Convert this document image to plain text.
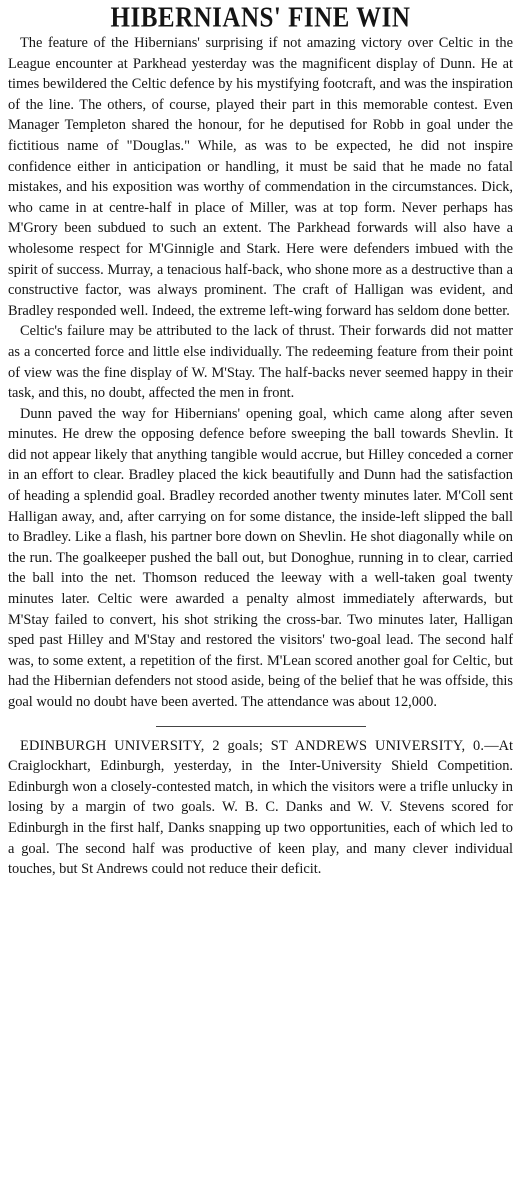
HIBERNIANS' FINE WIN

The feature of the Hibernians' surprising if not amazing victory over Celtic in the League encounter at Parkhead yesterday was the magnificent display of Dunn. He at times bewildered the Celtic defence by his mystifying footcraft, and was the inspiration of the line. The others, of course, played their part in this memorable contest. Even Manager Templeton shared the honour, for he deputised for Robb in goal under the fictitious name of "Douglas." While, as was to be expected, he did not inspire confidence either in anticipation or handling, it must be said that he made no fatal mistakes, and his exposition was worthy of commendation in the circumstances. Dick, who came in at centre-half in place of Miller, was at top form. Never perhaps has M'Grory been subdued to such an extent. The Parkhead forwards will also have a wholesome respect for M'Ginnigle and Stark. Here were defenders imbued with the spirit of success. Murray, a tenacious half-back, who shone more as a destructive than a constructive factor, was always prominent. The craft of Halligan was evident, and Bradley responded well. Indeed, the extreme left-wing forward has seldom done better.

Celtic's failure may be attributed to the lack of thrust. Their forwards did not matter as a concerted force and little else individually. The redeeming feature from their point of view was the fine display of W. M'Stay. The half-backs never seemed happy in their task, and this, no doubt, affected the men in front.

Dunn paved the way for Hibernians' opening goal, which came along after seven minutes. He drew the opposing defence before sweeping the ball towards Shevlin. It did not appear likely that anything tangible would accrue, but Hilley conceded a corner in an effort to clear. Bradley placed the kick beautifully and Dunn had the satisfaction of heading a splendid goal. Bradley recorded another twenty minutes later. M'Coll sent Halligan away, and, after carrying on for some distance, the inside-left slipped the ball to Bradley. Like a flash, his partner bore down on Shevlin. He shot diagonally while on the run. The goalkeeper pushed the ball out, but Donoghue, running in to clear, carried the ball into the net. Thomson reduced the leeway with a well-taken goal twenty minutes later. Celtic were awarded a penalty almost immediately afterwards, but M'Stay failed to convert, his shot striking the cross-bar. Two minutes later, Halligan sped past Hilley and M'Stay and restored the visitors' two-goal lead. The second half was, to some extent, a repetition of the first. M'Lean scored another goal for Celtic, but had the Hibernian defenders not stood aside, being of the belief that he was offside, this goal would no doubt have been averted. The attendance was about 12,000.

EDINBURGH UNIVERSITY, 2 goals; ST ANDREWS UNIVERSITY, 0.—At Craiglockhart, Edinburgh, yesterday, in the Inter-University Shield Competition. Edinburgh won a closely-contested match, in which the visitors were a trifle unlucky in losing by a margin of two goals. W. B. C. Danks and W. V. Stevens scored for Edinburgh in the first half, Danks snapping up two opportunities, each of which led to a goal. The second half was productive of keen play, and many clever individual touches, but St Andrews could not reduce their deficit.
